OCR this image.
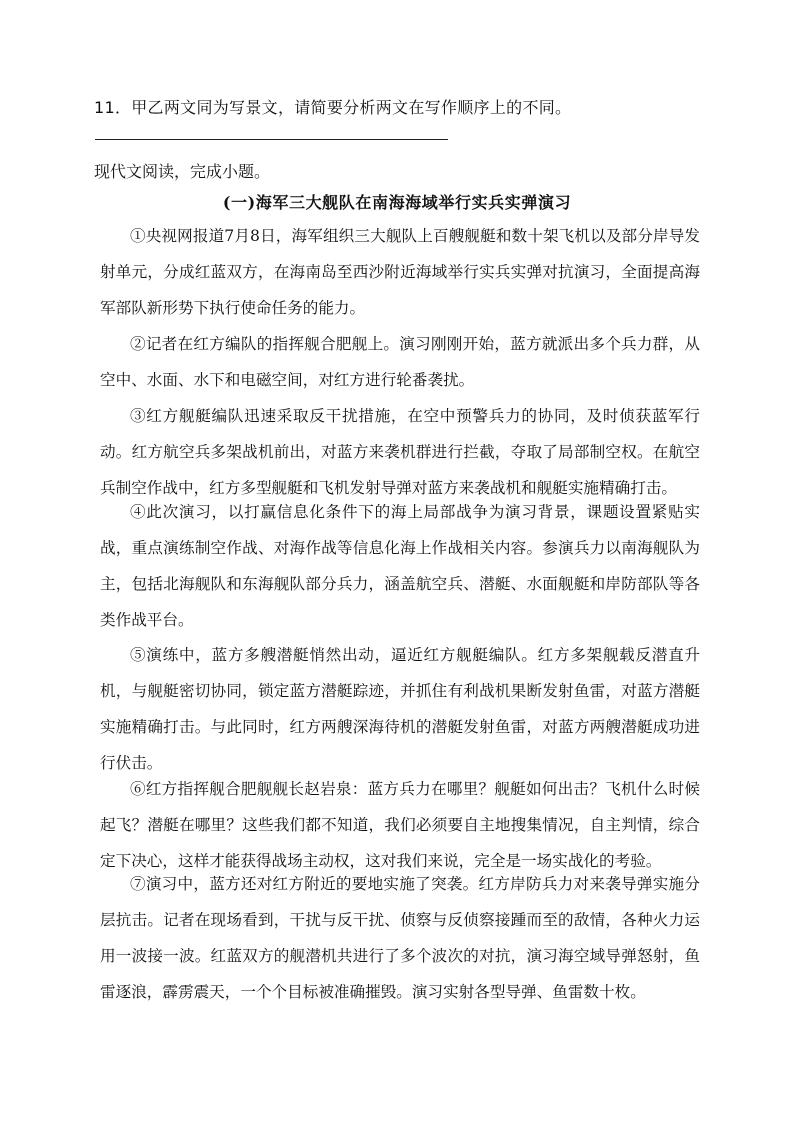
11．甲乙两文同为写景文，请简要分析两文在写作顺序上的不同。
现代文阅读，完成小题。
(一)海军三大舰队在南海海域举行实兵实弹演习

①央视网报道7月8日，海军组织三大舰队上百艘舰艇和数十架飞机以及部分岸导发射单元，分成红蓝双方，在海南岛至西沙附近海域举行实兵实弹对抗演习，全面提高海军部队新形势下执行使命任务的能力。

②记者在红方编队的指挥舰合肥舰上。演习刚刚开始，蓝方就派出多个兵力群，从空中、水面、水下和电磁空间，对红方进行轮番袭扰。

③红方舰艇编队迅速采取反干扰措施，在空中预警兵力的协同，及时侦获蓝军行动。红方航空兵多架战机前出，对蓝方来袭机群进行拦截，夺取了局部制空权。在航空兵制空作战中，红方多型舰艇和飞机发射导弹对蓝方来袭战机和舰艇实施精确打击。

④此次演习，以打赢信息化条件下的海上局部战争为演习背景，课题设置紧贴实战，重点演练制空作战、对海作战等信息化海上作战相关内容。参演兵力以南海舰队为主，包括北海舰队和东海舰队部分兵力，涵盖航空兵、潜艇、水面舰艇和岸防部队等各类作战平台。

⑤演练中，蓝方多艘潜艇悄然出动，逼近红方舰艇编队。红方多架舰载反潜直升机，与舰艇密切协同，锁定蓝方潜艇踪迹，并抓住有利战机果断发射鱼雷，对蓝方潜艇实施精确打击。与此同时，红方两艘深海待机的潜艇发射鱼雷，对蓝方两艘潜艇成功进行伏击。

⑥红方指挥舰合肥舰舰长赵岩泉：蓝方兵力在哪里？舰艇如何出击？飞机什么时候起飞？潜艇在哪里？这些我们都不知道，我们必须要自主地搜集情况，自主判情，综合定下决心，这样才能获得战场主动权，这对我们来说，完全是一场实战化的考验。

⑦演习中，蓝方还对红方附近的要地实施了突袭。红方岸防兵力对来袭导弹实施分层抗击。记者在现场看到，干扰与反干扰、侦察与反侦察接踵而至的敌情，各种火力运用一波接一波。红蓝双方的舰潜机共进行了多个波次的对抗，演习海空域导弹怒射，鱼雷逐浪，霹雳震天，一个个目标被准确摧毁。演习实射各型导弹、鱼雷数十枚。
